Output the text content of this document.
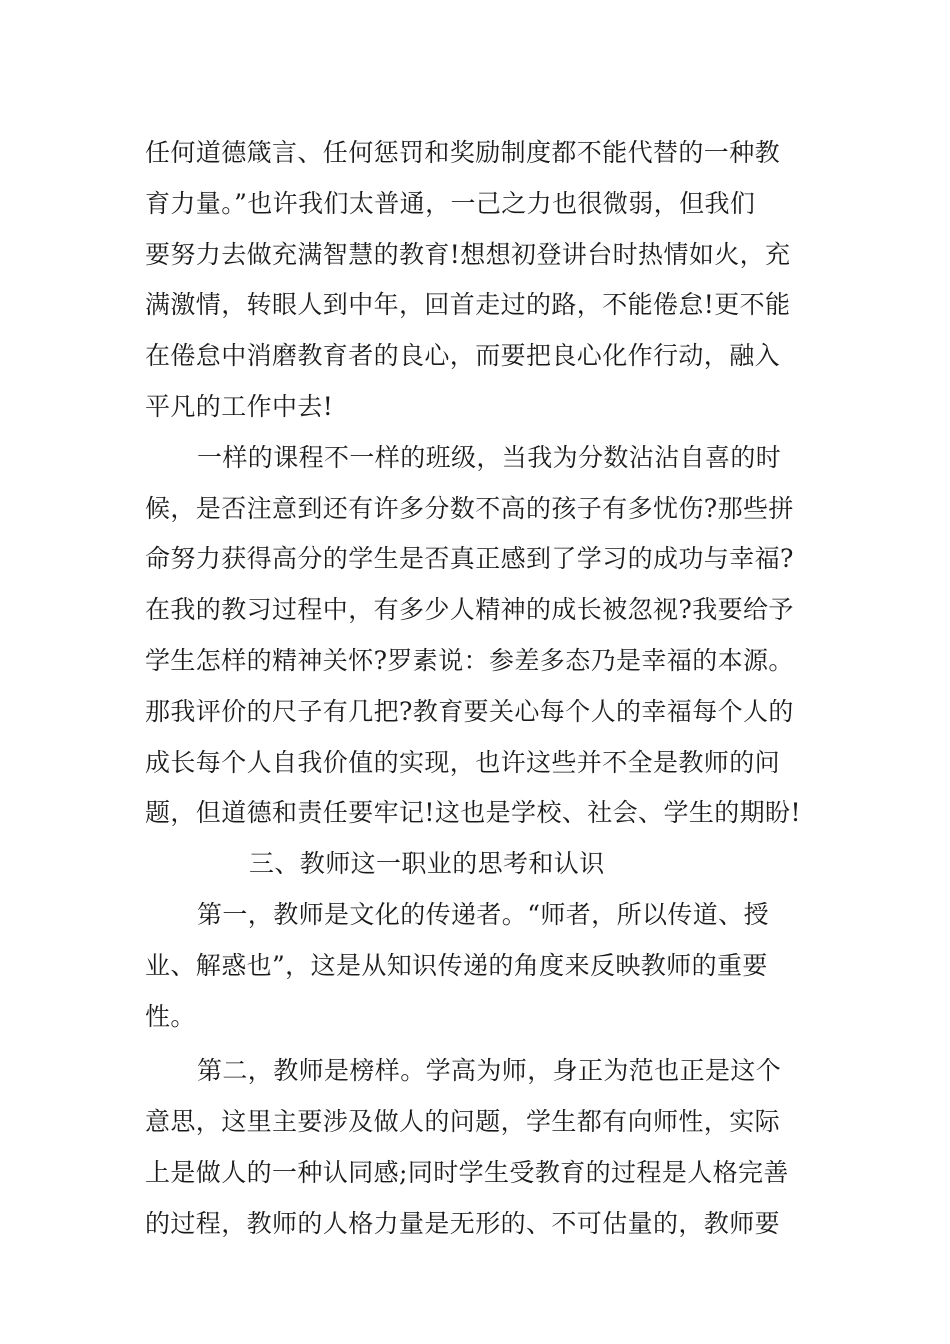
任何道德箴言、任何惩罚和奖励制度都不能代替的一种教
育力量。”也许我们太普通，一己之力也很微弱，但我们
要努力去做充满智慧的教育!想想初登讲台时热情如火，充
满激情，转眼人到中年，回首走过的路，不能倦怠!更不能
在倦怠中消磨教育者的良心，而要把良心化作行动，融入
平凡的工作中去!
一样的课程不一样的班级，当我为分数沾沾自喜的时
候，是否注意到还有许多分数不高的孩子有多忧伤?那些拼
命努力获得高分的学生是否真正感到了学习的成功与幸福?
在我的教习过程中，有多少人精神的成长被忽视?我要给予
学生怎样的精神关怀?罗素说：参差多态乃是幸福的本源。
那我评价的尺子有几把?教育要关心每个人的幸福每个人的
成长每个人自我价值的实现，也许这些并不全是教师的问
题，但道德和责任要牢记!这也是学校、社会、学生的期盼!
三、教师这一职业的思考和认识
第一，教师是文化的传递者。“师者，所以传道、授
业、解惑也”，这是从知识传递的角度来反映教师的重要
性。
第二，教师是榜样。学高为师，身正为范也正是这个
意思，这里主要涉及做人的问题，学生都有向师性，实际
上是做人的一种认同感;同时学生受教育的过程是人格完善
的过程，教师的人格力量是无形的、不可估量的，教师要
